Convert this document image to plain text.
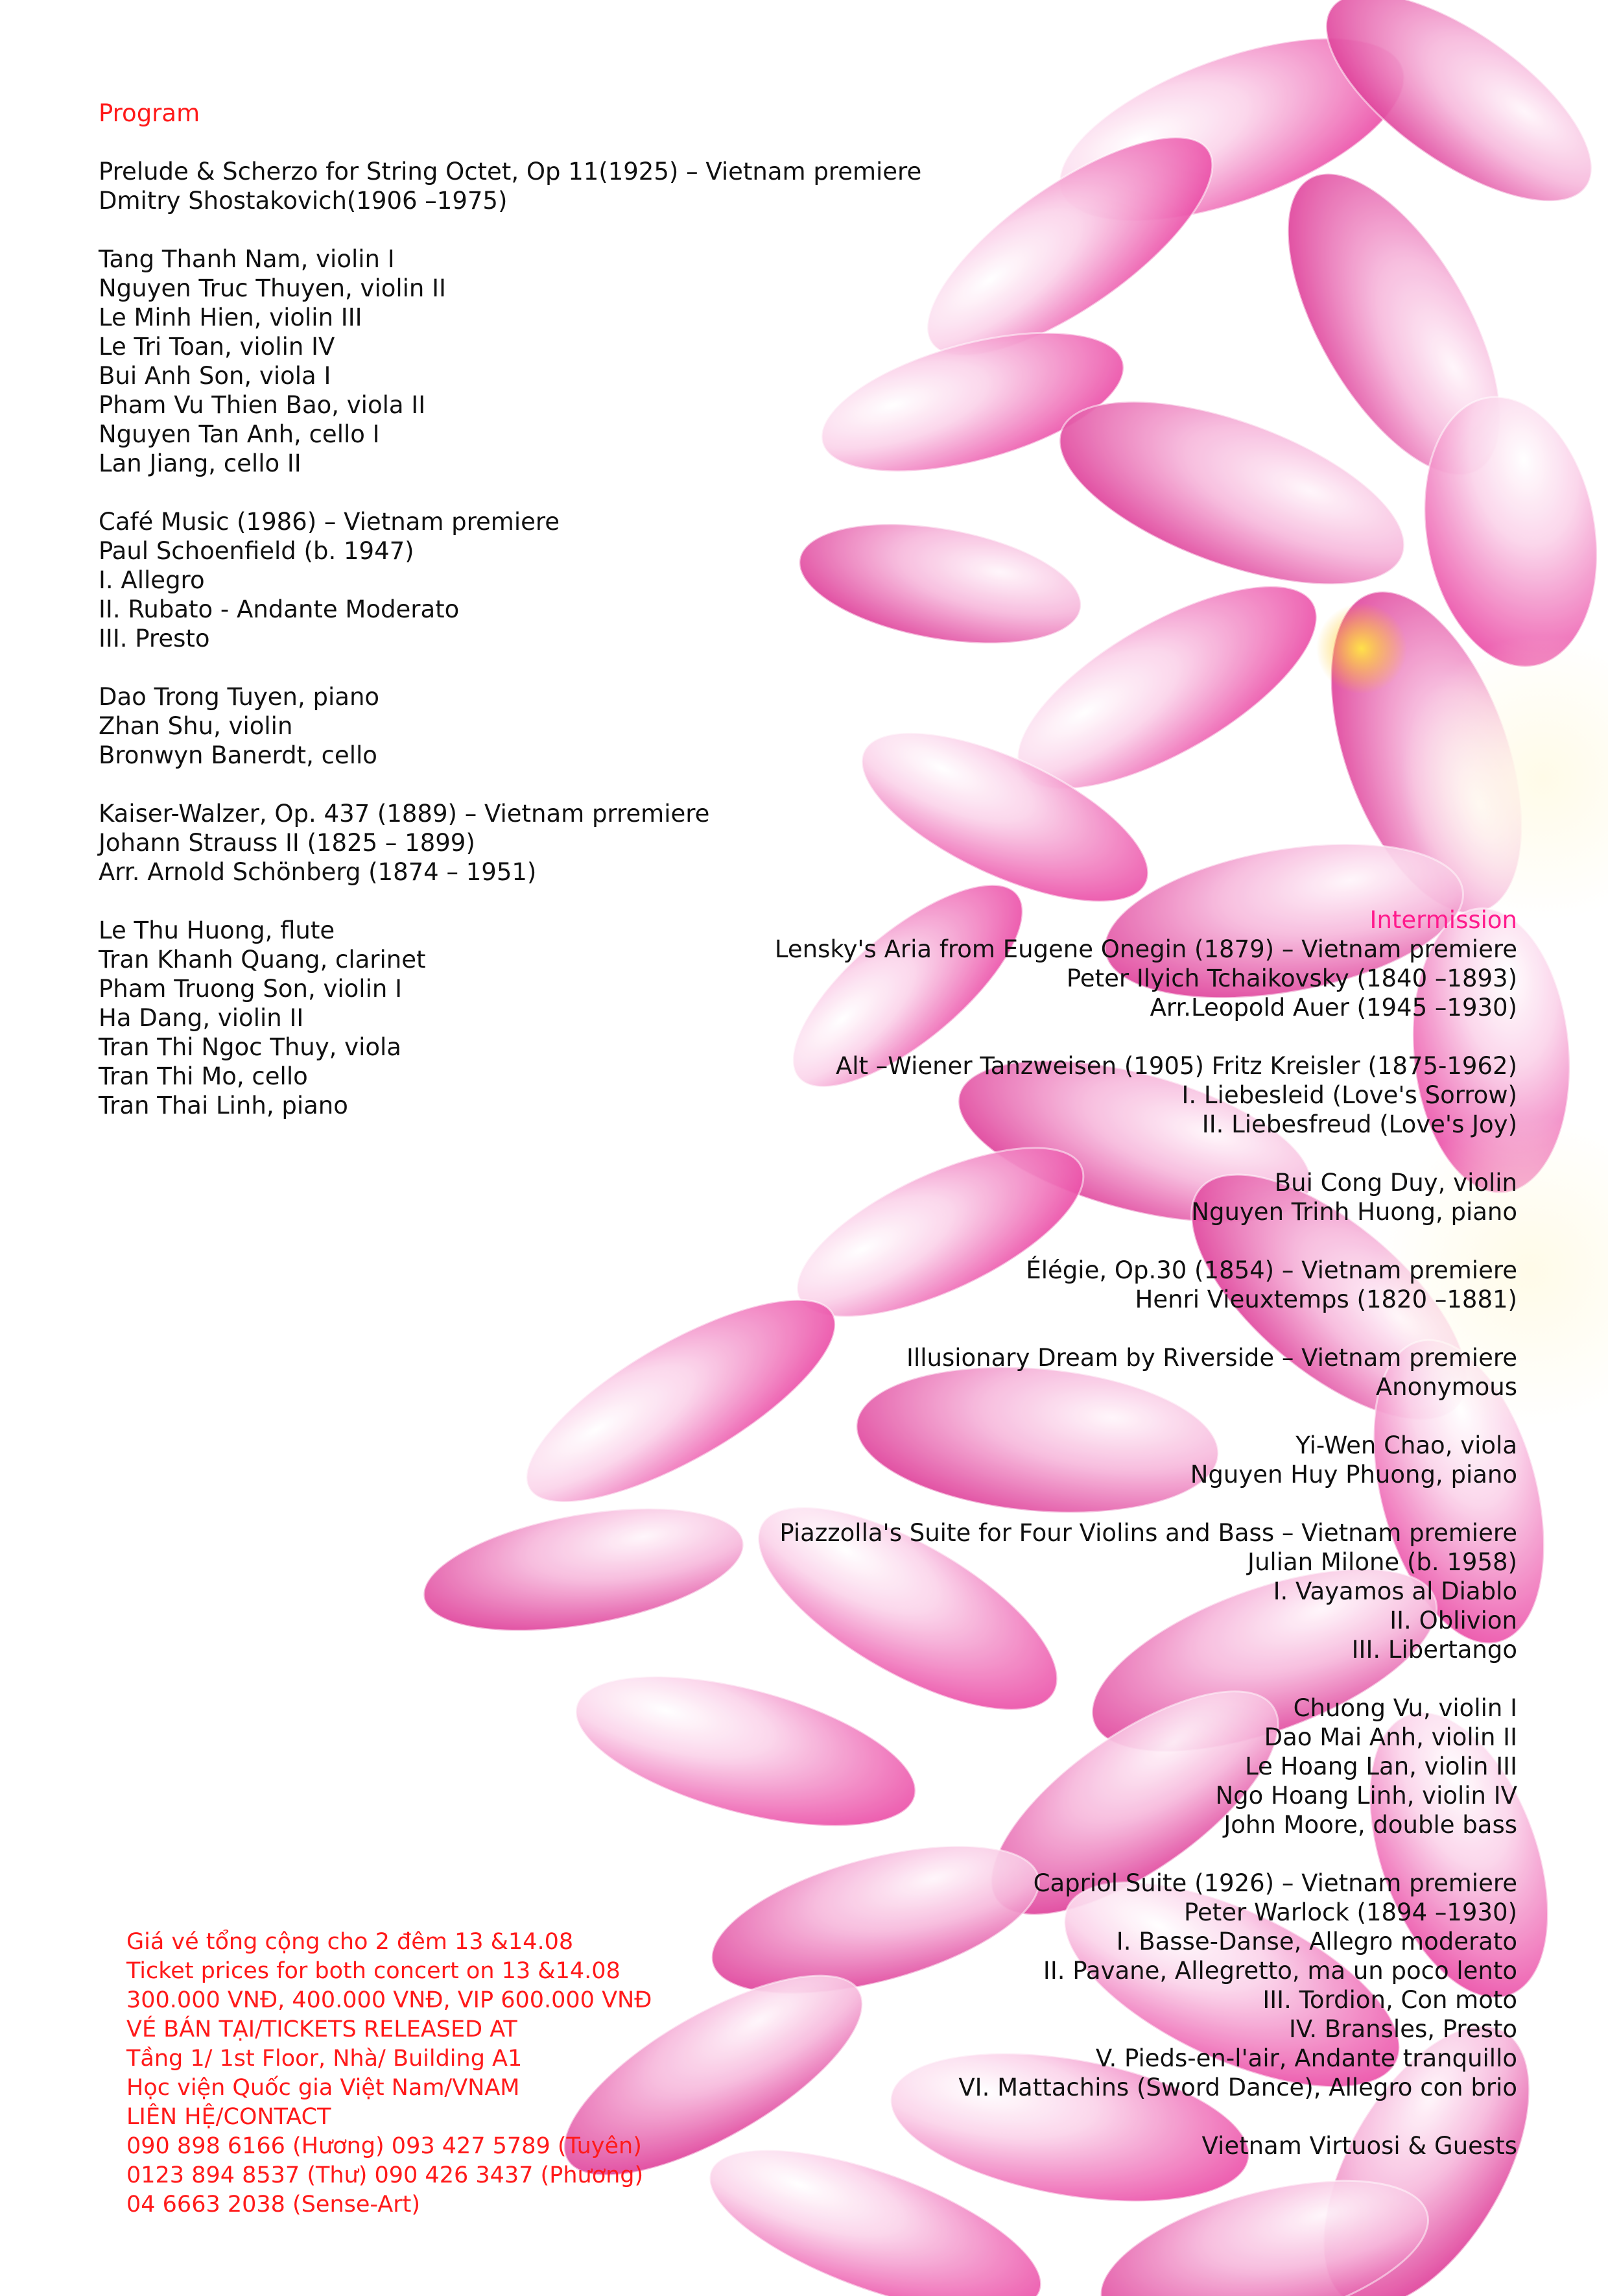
Program

Prelude & Scherzo for String Octet, Op 11(1925) – Vietnam premiere

Dmitry Shostakovich(1906 –1975)

Tang Thanh Nam, violin I

Nguyen Truc Thuyen, violin II

Le Minh Hien, violin III

Le Tri Toan, violin IV

Bui Anh Son, viola I

Pham Vu Thien Bao, viola II

Nguyen Tan Anh, cello I

Lan Jiang, cello II

Café Music (1986) – Vietnam premiere

Paul Schoenfield (b. 1947)

I. Allegro

II. Rubato - Andante Moderato

III. Presto

Dao Trong Tuyen, piano

Zhan Shu, violin

Bronwyn Banerdt, cello

Kaiser-Walzer, Op. 437 (1889) – Vietnam prremiere

Johann Strauss II (1825 – 1899)

Arr. Arnold Schönberg (1874 – 1951)

Le Thu Huong, flute

Tran Khanh Quang, clarinet

Pham Truong Son, violin I

Ha Dang, violin II

Tran Thi Ngoc Thuy, viola

Tran Thi Mo, cello

Tran Thai Linh, piano

Intermission

Lensky's Aria from Eugene Onegin (1879) – Vietnam premiere

Peter Ilyich Tchaikovsky (1840 –1893)

Arr.Leopold Auer (1945 –1930)

Alt –Wiener Tanzweisen (1905) Fritz Kreisler (1875-1962)

I. Liebesleid (Love's Sorrow)

II. Liebesfreud (Love's Joy)

Bui Cong Duy, violin

Nguyen Trinh Huong, piano

Élégie, Op.30 (1854) – Vietnam premiere

Henri Vieuxtemps (1820 –1881)

Illusionary Dream by Riverside – Vietnam premiere

Anonymous

Yi-Wen Chao, viola

Nguyen Huy Phuong, piano

Piazzolla's Suite for Four Violins and Bass – Vietnam premiere

Julian Milone (b. 1958)

I. Vayamos al Diablo

II. Oblivion

III. Libertango

Chuong Vu, violin I

Dao Mai Anh, violin II

Le Hoang Lan, violin III

Ngo Hoang Linh, violin IV

John Moore, double bass

Capriol Suite (1926) – Vietnam premiere

Peter Warlock (1894 –1930)

I. Basse-Danse, Allegro moderato

II. Pavane, Allegretto, ma un poco lento

III. Tordion, Con moto

IV. Bransles, Presto

V. Pieds-en-l'air, Andante tranquillo

VI. Mattachins (Sword Dance), Allegro con brio

Vietnam Virtuosi & Guests

Giá vé tổng cộng cho 2 đêm 13 &14.08

Ticket prices for both concert on 13 &14.08

300.000 VNĐ, 400.000 VNĐ, VIP 600.000 VNĐ

VÉ BÁN TẠI/TICKETS RELEASED AT

Tầng 1/ 1st Floor, Nhà/ Building A1

Học viện Quốc gia Việt Nam/VNAM

LIÊN HỆ/CONTACT

090 898 6166 (Hương) 093 427 5789 (Tuyên)

0123 894 8537 (Thư) 090 426 3437 (Phương)

04 6663 2038 (Sense-Art)
